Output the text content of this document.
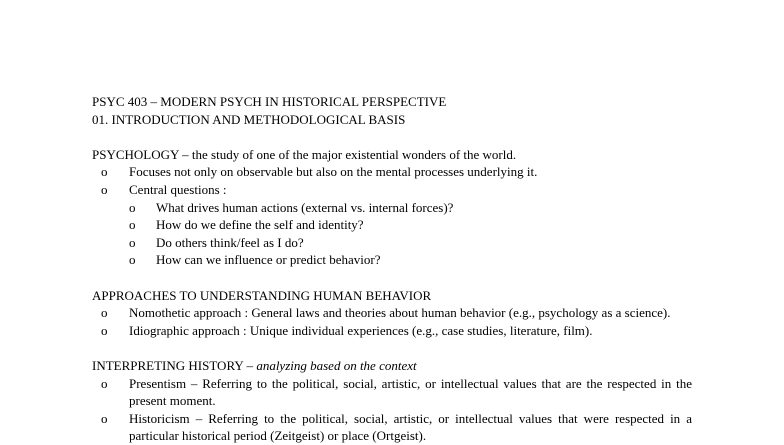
PSYC 403 – MODERN PSYCH IN HISTORICAL PERSPECTIVE
01. INTRODUCTION AND METHODOLOGICAL BASIS
PSYCHOLOGY – the study of one of the major existential wonders of the world.
o Focuses not only on observable but also on the mental processes underlying it.
o Central questions :
o What drives human actions (external vs. internal forces)?
o How do we define the self and identity?
o Do others think/feel as I do?
o How can we influence or predict behavior?
APPROACHES TO UNDERSTANDING HUMAN BEHAVIOR
o Nomothetic approach : General laws and theories about human behavior (e.g., psychology as a science).
o Idiographic approach : Unique individual experiences (e.g., case studies, literature, film).
INTERPRETING HISTORY – analyzing based on the context
o Presentism – Referring to the political, social, artistic, or intellectual values that are the respected in the present moment.
o Historicism – Referring to the political, social, artistic, or intellectual values that were respected in a particular historical period (Zeitgeist) or place (Ortgeist).
